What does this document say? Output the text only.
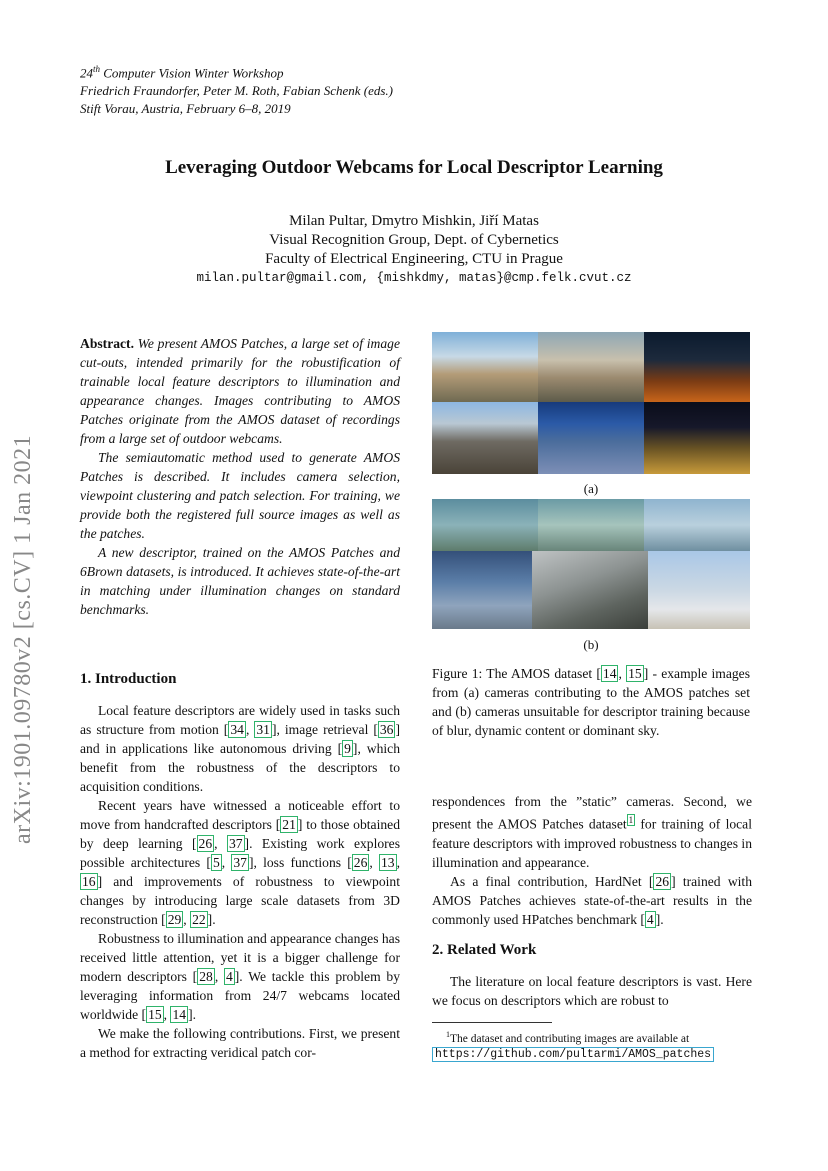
24th Computer Vision Winter Workshop
Friedrich Fraundorfer, Peter M. Roth, Fabian Schenk (eds.)
Stift Vorau, Austria, February 6–8, 2019
Leveraging Outdoor Webcams for Local Descriptor Learning
Milan Pultar, Dmytro Mishkin, Jiří Matas
Visual Recognition Group, Dept. of Cybernetics
Faculty of Electrical Engineering, CTU in Prague
milan.pultar@gmail.com, {mishkdmy, matas}@cmp.felk.cvut.cz
arXiv:1901.09780v2 [cs.CV] 1 Jan 2021

Abstract. We present AMOS Patches, a large set of image cut-outs, intended primarily for the robustification of trainable local feature descriptors to illumination and appearance changes. Images contributing to AMOS Patches originate from the AMOS dataset of recordings from a large set of outdoor webcams.

The semiautomatic method used to generate AMOS Patches is described. It includes camera selection, viewpoint clustering and patch selection. For training, we provide both the registered full source images as well as the patches.

A new descriptor, trained on the AMOS Patches and 6Brown datasets, is introduced. It achieves state-of-the-art in matching under illumination changes on standard benchmarks.

1. Introduction

Local feature descriptors are widely used in tasks such as structure from motion [ 34 , 31 ], image retrieval [ 36 ] and in applications like autonomous driving [ 9 ], which benefit from the robustness of the descriptors to acquisition conditions.

Recent years have witnessed a noticeable effort to move from handcrafted descriptors [ 21 ] to those obtained by deep learning [ 26 , 37 ]. Existing work explores possible architectures [ 5 , 37 ], loss functions [ 26 , 13 , 16 ] and improvements of robustness to viewpoint changes by introducing large scale datasets from 3D reconstruction [ 29 , 22 ].

Robustness to illumination and appearance changes has received little attention, yet it is a bigger challenge for modern descriptors [ 28 , 4 ]. We tackle this problem by leveraging information from 24/7 webcams located worldwide [ 15 , 14 ].

We make the following contributions. First, we present a method for extracting veridical patch cor-

(a)
(b)

Figure 1: The AMOS dataset [ 14 , 15 ] - example images from (a) cameras contributing to the AMOS patches set and (b) cameras unsuitable for descriptor training because of blur, dynamic content or dominant sky.

respondences from the ”static” cameras. Second, we present the AMOS Patches dataset $^1$ for training of local feature descriptors with improved robustness to changes in illumination and appearance.

As a final contribution, HardNet [ 26 ] trained with AMOS Patches achieves state-of-the-art results in the commonly used HPatches benchmark [ 4 ].

2. Related Work

The literature on local feature descriptors is vast. Here we focus on descriptors which are robust to

$^1$The dataset and contributing images are available at
https://github.com/pultarmi/AMOS_patches
